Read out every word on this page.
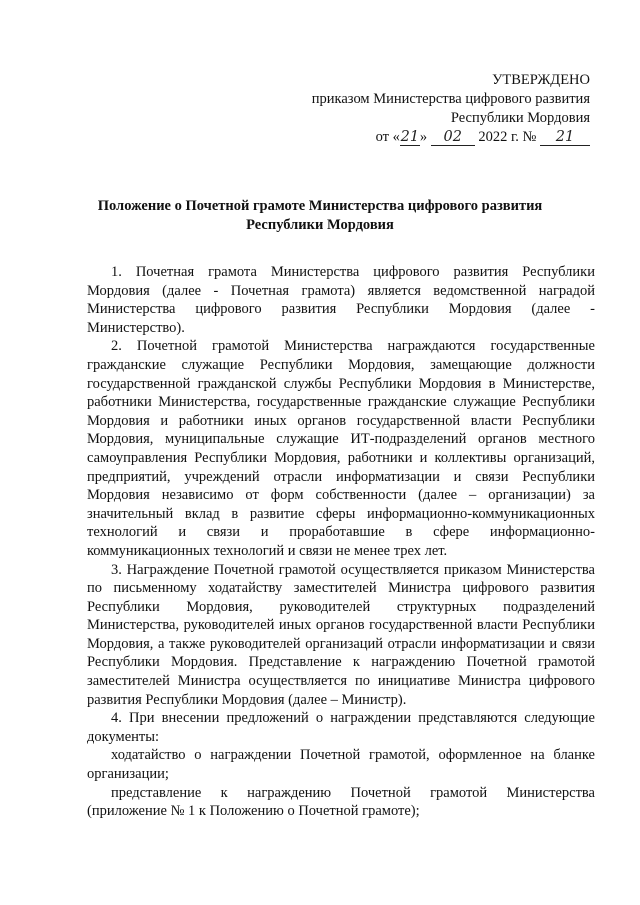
УТВЕРЖДЕНО
приказом Министерства цифрового развития
Республики Мордовия
от «21» 02 2022 г. № 21
Положение о Почетной грамоте Министерства цифрового развития
Республики Мордовия

1. Почетная грамота Министерства цифрового развития Республики Мордовия (далее - Почетная грамота) является ведомственной наградой Министерства цифрового развития Республики Мордовия (далее - Министерство).

2. Почетной грамотой Министерства награждаются государственные гражданские служащие Республики Мордовия, замещающие должности государственной гражданской службы Республики Мордовия в Министерстве, работники Министерства, государственные гражданские служащие Республики Мордовия и работники иных органов государственной власти Республики Мордовия, муниципальные служащие ИТ-подразделений органов местного самоуправления Республики Мордовия, работники и коллективы организаций, предприятий, учреждений отрасли информатизации и связи Республики Мордовия независимо от форм собственности (далее – организации) за значительный вклад в развитие сферы информационно-коммуникационных технологий и связи и проработавшие в сфере информационно-коммуникационных технологий и связи не менее трех лет.

3. Награждение Почетной грамотой осуществляется приказом Министерства по письменному ходатайству заместителей Министра цифрового развития Республики Мордовия, руководителей структурных подразделений Министерства, руководителей иных органов государственной власти Республики Мордовия, а также руководителей организаций отрасли информатизации и связи Республики Мордовия. Представление к награждению Почетной грамотой заместителей Министра осуществляется по инициативе Министра цифрового развития Республики Мордовия (далее – Министр).

4. При внесении предложений о награждении представляются следующие документы:

ходатайство о награждении Почетной грамотой, оформленное на бланке организации;

представление к награждению Почетной грамотой Министерства (приложение № 1 к Положению о Почетной грамоте);
